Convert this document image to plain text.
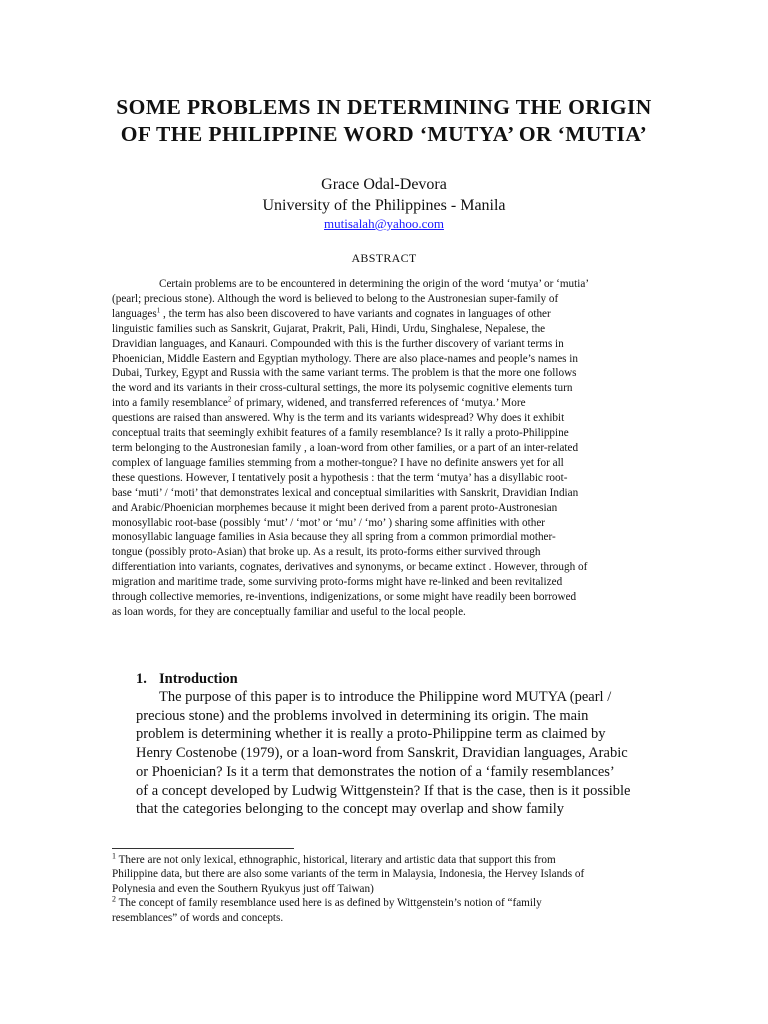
SOME PROBLEMS IN DETERMINING THE ORIGIN OF THE PHILIPPINE WORD ‘MUTYA’ OR ‘MUTIA’

Grace Odal-Devora

University of the Philippines - Manila

mutisalah@yahoo.com
ABSTRACT
Certain problems are to be encountered in determining the origin of the word ‘mutya’ or ‘mutia’
(pearl; precious stone). Although the word is believed to belong to the Austronesian super-family of
languages$^1$ , the term has also been discovered to have variants and cognates in languages of other
linguistic families such as Sanskrit, Gujarat, Prakrit, Pali, Hindi, Urdu, Singhalese, Nepalese, the
Dravidian languages, and Kanauri. Compounded with this is the further discovery of variant terms in
Phoenician, Middle Eastern and Egyptian mythology. There are also place-names and people’s names in
Dubai, Turkey, Egypt and Russia with the same variant terms. The problem is that the more one follows
the word and its variants in their cross-cultural settings, the more its polysemic cognitive elements turn
into a family resemblance$^2$ of primary, widened, and transferred references of ‘mutya.’ More
questions are raised than answered. Why is the term and its variants widespread? Why does it exhibit
conceptual traits that seemingly exhibit features of a family resemblance? Is it rally a proto-Philippine
term belonging to the Austronesian family , a loan-word from other families, or a part of an inter-related
complex of language families stemming from a mother-tongue? I have no definite answers yet for all
these questions. However, I tentatively posit a hypothesis : that the term ‘mutya’ has a disyllabic root-
base ‘muti’ / ‘moti’ that demonstrates lexical and conceptual similarities with Sanskrit, Dravidian Indian
and Arabic/Phoenician morphemes because it might been derived from a parent proto-Austronesian
monosyllabic root-base (possibly ‘mut’ / ‘mot’ or ‘mu’ / ‘mo’ ) sharing some affinities with other
monosyllabic language families in Asia because they all spring from a common primordial mother-
tongue (possibly proto-Asian) that broke up. As a result, its proto-forms either survived through
differentiation into variants, cognates, derivatives and synonyms, or became extinct . However, through of
migration and maritime trade, some surviving proto-forms might have re-linked and been revitalized
through collective memories, re-inventions, indigenizations, or some might have readily been borrowed
as loan words, for they are conceptually familiar and useful to the local people.
1. Introduction
The purpose of this paper is to introduce the Philippine word MUTYA (pearl /
precious stone) and the problems involved in determining its origin. The main
problem is determining whether it is really a proto-Philippine term as claimed by
Henry Costenobe (1979), or a loan-word from Sanskrit, Dravidian languages, Arabic
or Phoenician? Is it a term that demonstrates the notion of a ‘family resemblances’
of a concept developed by Ludwig Wittgenstein? If that is the case, then is it possible
that the categories belonging to the concept may overlap and show family
$^1$ There are not only lexical, ethnographic, historical, literary and artistic data that support this from
Philippine data, but there are also some variants of the term in Malaysia, Indonesia, the Hervey Islands of
Polynesia and even the Southern Ryukyus just off Taiwan)
$^2$ The concept of family resemblance used here is as defined by Wittgenstein’s notion of “family
resemblances” of words and concepts.
